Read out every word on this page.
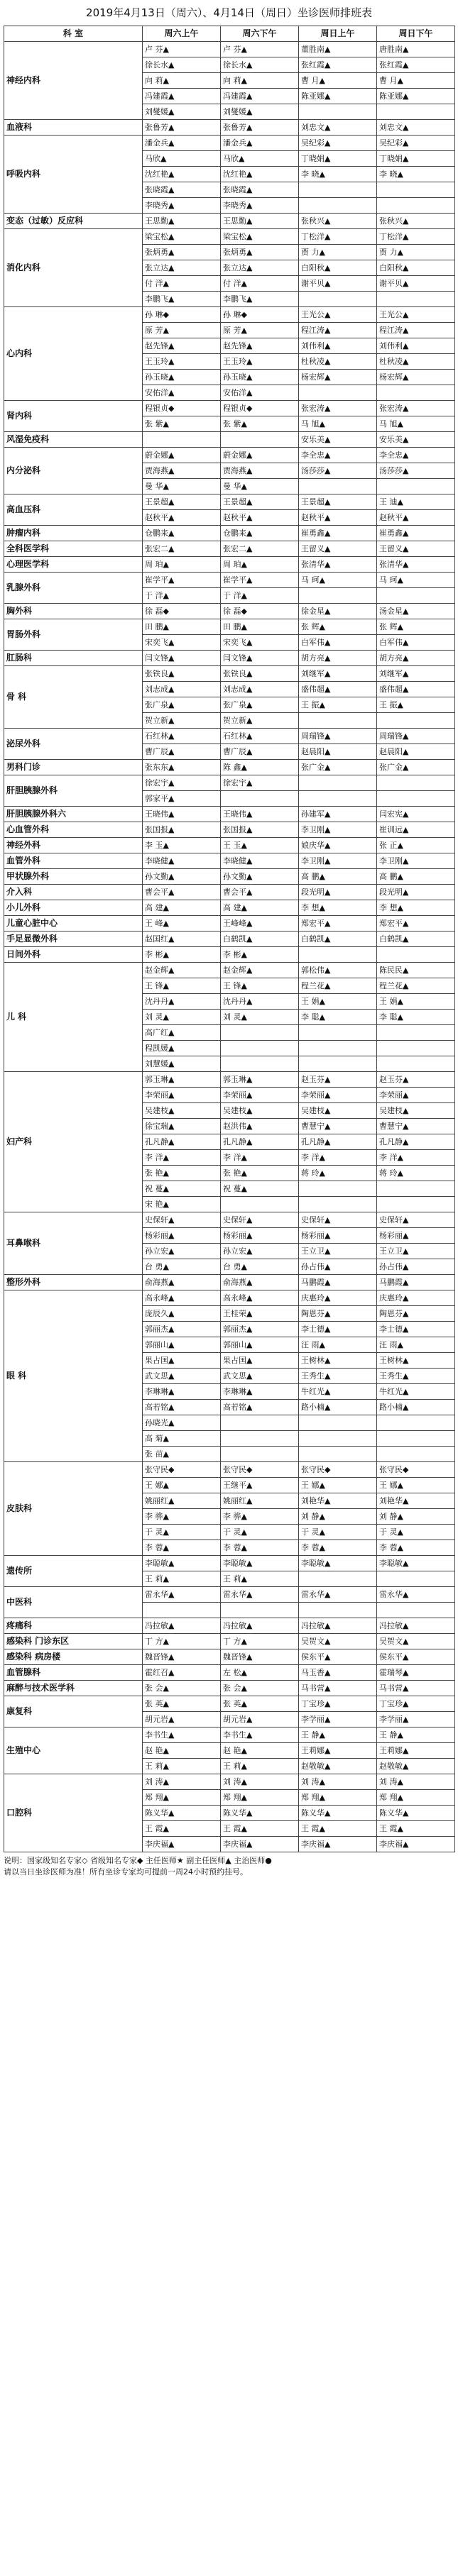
2019年4月13日（周六）、4月14日（周日）坐诊医师排班表
科 室	周六上午	周六下午	周日上午	周日下午
神经内科	卢 芬▲	卢 芬▲	董胜南▲	唐胜南▲
	徐长水▲	徐长水▲	张红霞▲	张红霞▲
	向 莉▲	向 莉▲	曹 月▲	曹 月▲
	冯建霞▲	冯建霞▲	陈亚娜▲	陈亚娜▲
	刘燮媛▲	刘燮媛▲		
血液科	张鲁芳▲	张鲁芳▲	刘忠文▲	刘忠文▲
呼吸内科	潘金兵▲	潘金兵▲	吴纪彩▲	吴纪彩▲
	马欣▲	马欣▲	丁晓娟▲	丁晓娟▲
	沈红艳▲	沈红艳▲	李 晓▲	李 晓▲
	张晓霞▲	张晓霞▲		
	李晓秀▲	李晓秀▲		
变态（过敏）反应科	王思勤▲	王思勤▲	张秋兴▲	张秋兴▲
消化内科	梁宝松▲	梁宝松▲	丁松洋▲	丁松洋▲
	张炳勇▲	张炳勇▲	贾 力▲	贾 力▲
	张立达▲	张立达▲	白阳秋▲	白阳秋▲
	付 洋▲	付 洋▲	谢平贝▲	谢平贝▲
	李鹏飞▲	李鹏飞▲		
心内科	孙 琳◆	孙 琳◆	王光公▲	王光公▲
	原 芳▲	原 芳▲	程江涛▲	程江涛▲
	赵先锋▲	赵先锋▲	刘伟利▲	刘伟利▲
	王玉玲▲	王玉玲▲	杜秋凌▲	杜秋凌▲
	孙玉晓▲	孙玉晓▲	杨宏辉▲	杨宏辉▲
	安佑洋▲	安佑洋▲		
肾内科	程银贞◆	程银贞◆	张宏涛▲	张宏涛▲
	张 紫▲	张 紫▲	马 旭▲	马 旭▲
风湿免疫科			安乐美▲	安乐美▲
内分泌科	蔚金娜▲	蔚金娜▲	李全忠▲	李全忠▲
	贾海燕▲	贾海燕▲	汤莎莎▲	汤莎莎▲
	曼 华▲	曼 华▲		
高血压科	王景超▲	王景超▲	王景超▲	王 迪▲
	赵秋平▲	赵秋平▲	赵秋平▲	赵秋平▲
肿瘤内科	仓鹏来▲	仓鹏来▲	崔勇鑫▲	崔勇鑫▲
全科医学科	张宏二▲	张宏二▲	王留义▲	王留义▲
心理医学科	周 珀▲	周 珀▲	张清华▲	张清华▲
乳腺外科	崔学平▲	崔学平▲	马 珂▲	马 珂▲
	于 洋▲	于 洋▲		
胸外科	徐 磊◆	徐 磊◆	徐金星▲	汤金星▲
胃肠外科	田 鹏▲	田 鹏▲	张 辉▲	张 辉▲
	宋奕飞▲	宋奕飞▲	白军伟▲	白军伟▲
肛肠科	闫文锋▲	闫文锋▲	胡方亮▲	胡方亮▲
骨 科	张铁良▲	张铁良▲	刘继军▲	刘继军▲
	刘志成▲	刘志成▲	盛伟超▲	盛伟超▲
	张广泉▲	张广泉▲	王 振▲	王 振▲
	贺立新▲	贺立新▲		
泌尿外科	石红林▲	石红林▲	周瑞锋▲	周瑞锋▲
	曹广辰▲	曹广辰▲	赵晨阳▲	赵晨阳▲
男科门诊	张东东▲	陈 鑫▲	张广金▲	张广金▲
肝胆胰腺外科	徐宏宇▲	徐宏宇▲		
	郭家平▲			
肝胆胰腺外科六	王晓伟▲	王晓伟▲	孙建军▲	闫宏宪▲
心血管外科	张国报▲	张国报▲	李卫刚▲	崔训远▲
神经外科	李 玉▲	王 玉▲	娘庆华▲	张 正▲
血管外科	李晓健▲	李晓健▲	李卫刚▲	李卫刚▲
甲状腺外科	孙文勤▲	孙文勤▲	高 鹏▲	高 鹏▲
介入科	曹会平▲	曹会平▲	段光明▲	段光明▲
小儿外科	高 建▲	高 建▲	李 想▲	李 想▲
儿童心脏中心	王 峰▲	王峰峰▲	郑宏平▲	郑宏平▲
手足显微外科	赵国红▲	白鹤凯▲	白鹤凯▲	白鹤凯▲
日间外科	李 彬▲	李 彬▲		
儿 科	赵金辉▲	赵金辉▲	郭松伟▲	陈民民▲
	王 锋▲	王 锋▲	程兰花▲	程兰花▲
	沈丹丹▲	沈丹丹▲	王 娟▲	王 娟▲
	刘 灵▲	刘 灵▲	李 聪▲	李 聪▲
	高广红▲			
	程凯媛▲			
	刘慧媛▲			
妇产科	郭玉琳▲	郭玉琳▲	赵玉芬▲	赵玉芬▲
	李荣丽▲	李荣丽▲	李荣丽▲	李荣丽▲
	吴建枝▲	吴建枝▲	吴建枝▲	吴建枝▲
	徐宝瑞▲	赵洪伟▲	曹慧宁▲	曹慧宁▲
	孔凡静▲	孔凡静▲	孔凡静▲	孔凡静▲
	李 洋▲	李 洋▲	李 洋▲	李 洋▲
	张 艳▲	张 艳▲	蒋 玲▲	蒋 玲▲
	祝 蔓▲	祝 蔓▲		
	宋 艳▲			
耳鼻喉科	史保轩▲	史保轩▲	史保轩▲	史保轩▲
	杨彩丽▲	杨彩丽▲	杨彩丽▲	杨彩丽▲
	孙立宏▲	孙立宏▲	王立卫▲	王立卫▲
	台 勇▲	台 勇▲	孙占伟▲	孙占伟▲
整形外科	俞海燕▲	俞海燕▲	马鹏霞▲	马鹏霞▲
眼 科	高永峰▲	高永峰▲	庆惠玲▲	庆惠玲▲
	庞辰久▲	王桂荣▲	陶恩芬▲	陶恩芬▲
	郭丽杰▲	郭丽杰▲	李士德▲	李士德▲
	郭丽山▲	郭丽山▲	汪 雨▲	汪 雨▲
	果占国▲	果占国▲	王树林▲	王树林▲
	武文思▲	武文思▲	王秀生▲	王秀生▲
	李琳琳▲	李琳琳▲	牛红光▲	牛红光▲
	高若铭▲	高若铭▲	路小楠▲	路小楠▲
	孙晓光▲			
	高 菊▲			
	张 苗▲			
皮肤科	张守民◆	张守民◆	张守民◆	张守民◆
	王 娜▲	王继平▲	王 娜▲	王 娜▲
	姚丽红▲	姚丽红▲	刘艳华▲	刘艳华▲
	李 骅▲	李 骅▲	刘 静▲	刘 静▲
	于 灵▲	于 灵▲	于 灵▲	于 灵▲
	李 蓉▲	李 蓉▲	李 蓉▲	李 蓉▲
遗传所	李聪敏▲	李聪敏▲	李聪敏▲	李聪敏▲
	王 莉▲	王 莉▲		
中医科	雷永华▲	雷永华▲	雷永华▲	雷永华▲

疼痛科	冯拉敏▲	冯拉敏▲	冯拉敏▲	冯拉敏▲
感染科 门诊东区	丁 方▲	丁 方▲	吴贺文▲	吴贺文▲
感染科 病房楼	魏晋锋▲	魏晋锋▲	侯东平▲	侯东平▲
血管腺科	霍红召▲	左 松▲	马玉香▲	霍瑞琴▲
麻醉与技术医学科	张 会▲	张 会▲	马书营▲	马书营▲
康复科	张 英▲	张 英▲	丁宝珍▲	丁宝珍▲
	胡元岩▲	胡元岩▲	李学丽▲	李学丽▲
生殖中心	李书生▲	李书生▲	王 静▲	王 静▲
	赵 艳▲	赵 艳▲	王莉娜▲	王莉娜▲
	王 莉▲	王 莉▲	赵敬敏▲	赵敬敏▲
口腔科	刘 涛▲	刘 涛▲	刘 涛▲	刘 涛▲
	郑 翔▲	郑 翔▲	郑 翔▲	郑 翔▲
	陈义华▲	陈义华▲	陈义华▲	陈义华▲
	王 霞▲	王 霞▲	王 霞▲	王 霞▲
	李庆福▲	李庆福▲	李庆福▲	李庆福▲
说明：国家级知名专家◇ 省级知名专家◆ 主任医师★ 副主任医师▲ 主治医师●
请以当日坐诊医师为准！所有坐诊专家均可提前一周24小时预约挂号。
